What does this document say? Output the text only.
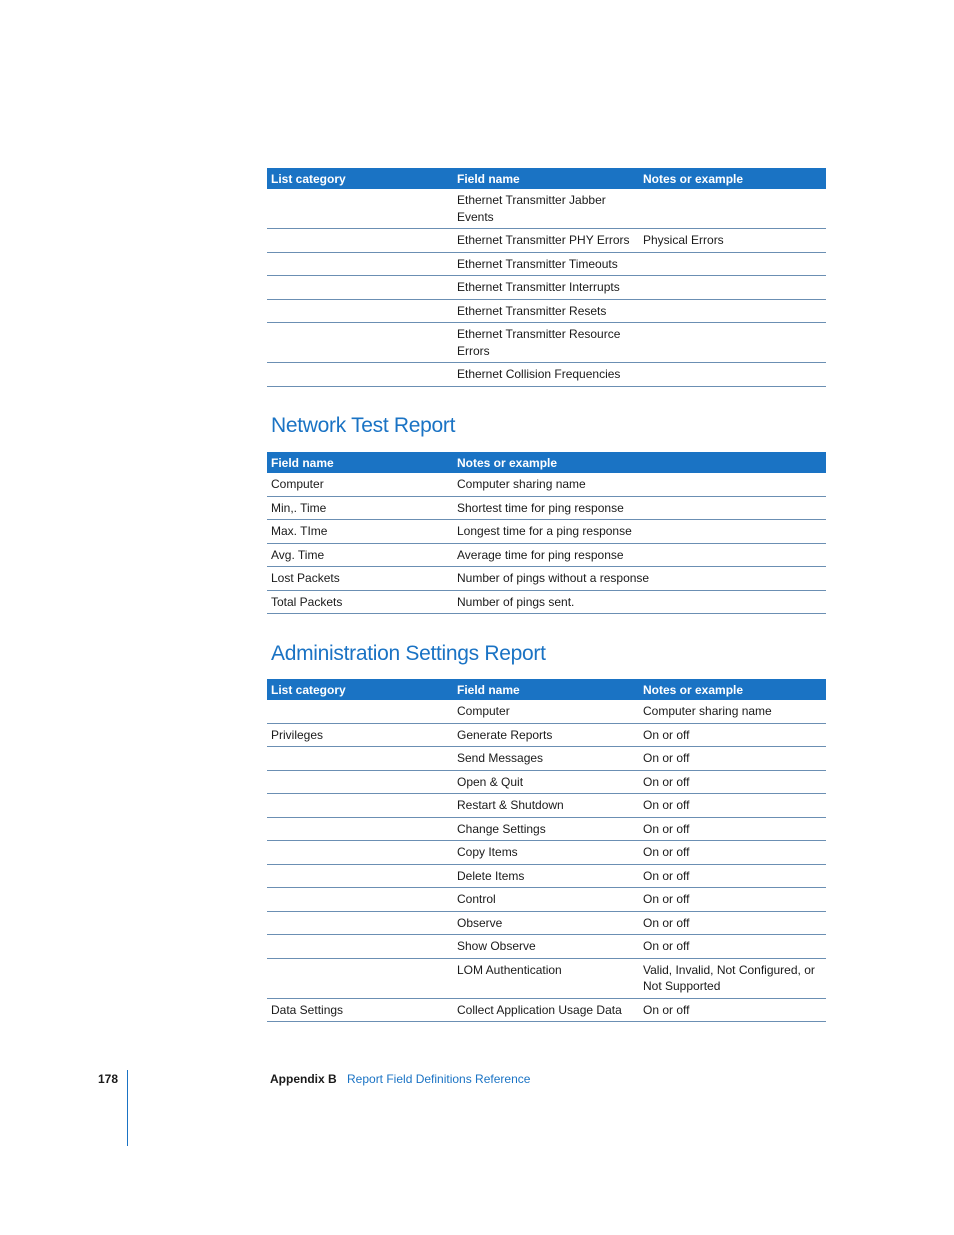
List category	Field name	Notes or example
	Ethernet Transmitter Jabber Events	
	Ethernet Transmitter PHY Errors	Physical Errors
	Ethernet Transmitter Timeouts	
	Ethernet Transmitter Interrupts	
	Ethernet Transmitter Resets	
	Ethernet Transmitter Resource Errors	
	Ethernet Collision Frequencies	
Network Test Report
Field name	Notes or example
Computer	Computer sharing name
Min,. Time	Shortest time for ping response
Max. TIme	Longest time for a ping response
Avg. Time	Average time for ping response
Lost Packets	Number of pings without a response
Total Packets	Number of pings sent.
Administration Settings Report
List category	Field name	Notes or example
	Computer	Computer sharing name
Privileges	Generate Reports	On or off
	Send Messages	On or off
	Open & Quit	On or off
	Restart & Shutdown	On or off
	Change Settings	On or off
	Copy Items	On or off
	Delete Items	On or off
	Control	On or off
	Observe	On or off
	Show Observe	On or off
	LOM Authentication	Valid, Invalid, Not Configured, or Not Supported
Data Settings	Collect Application Usage Data	On or off
178	Appendix B Report Field Definitions Reference
